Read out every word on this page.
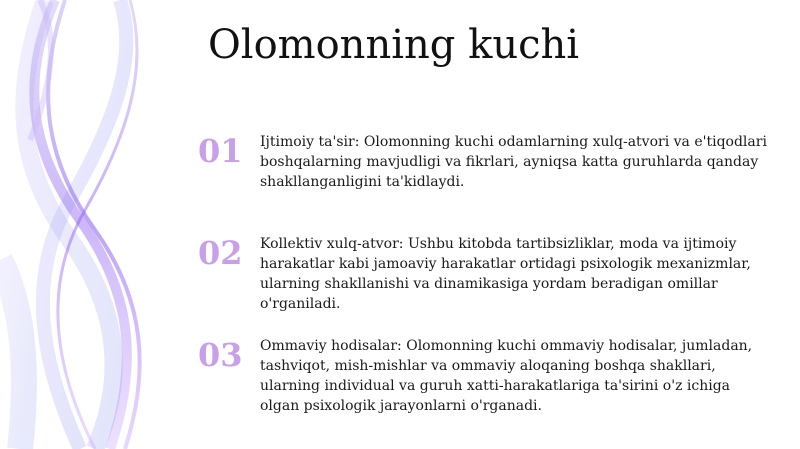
Olomonning kuchi
01 Ijtimoiy ta'sir: Olomonning kuchi odamlarning xulq-atvori va e'tiqodlari boshqalarning mavjudligi va fikrlari, ayniqsa katta guruhlarda qanday shakllanganligini ta'kidlaydi.
02 Kollektiv xulq-atvor: Ushbu kitobda tartibsizliklar, moda va ijtimoiy harakatlar kabi jamoaviy harakatlar ortidagi psixologik mexanizmlar, ularning shakllanishi va dinamikasiga yordam beradigan omillar o'rganiladi.
03 Ommaviy hodisalar: Olomonning kuchi ommaviy hodisalar, jumladan, tashviqot, mish-mishlar va ommaviy aloqaning boshqa shakllari, ularning individual va guruh xatti-harakatlariga ta'sirini o'z ichiga olgan psixologik jarayonlarni o'rganadi.
